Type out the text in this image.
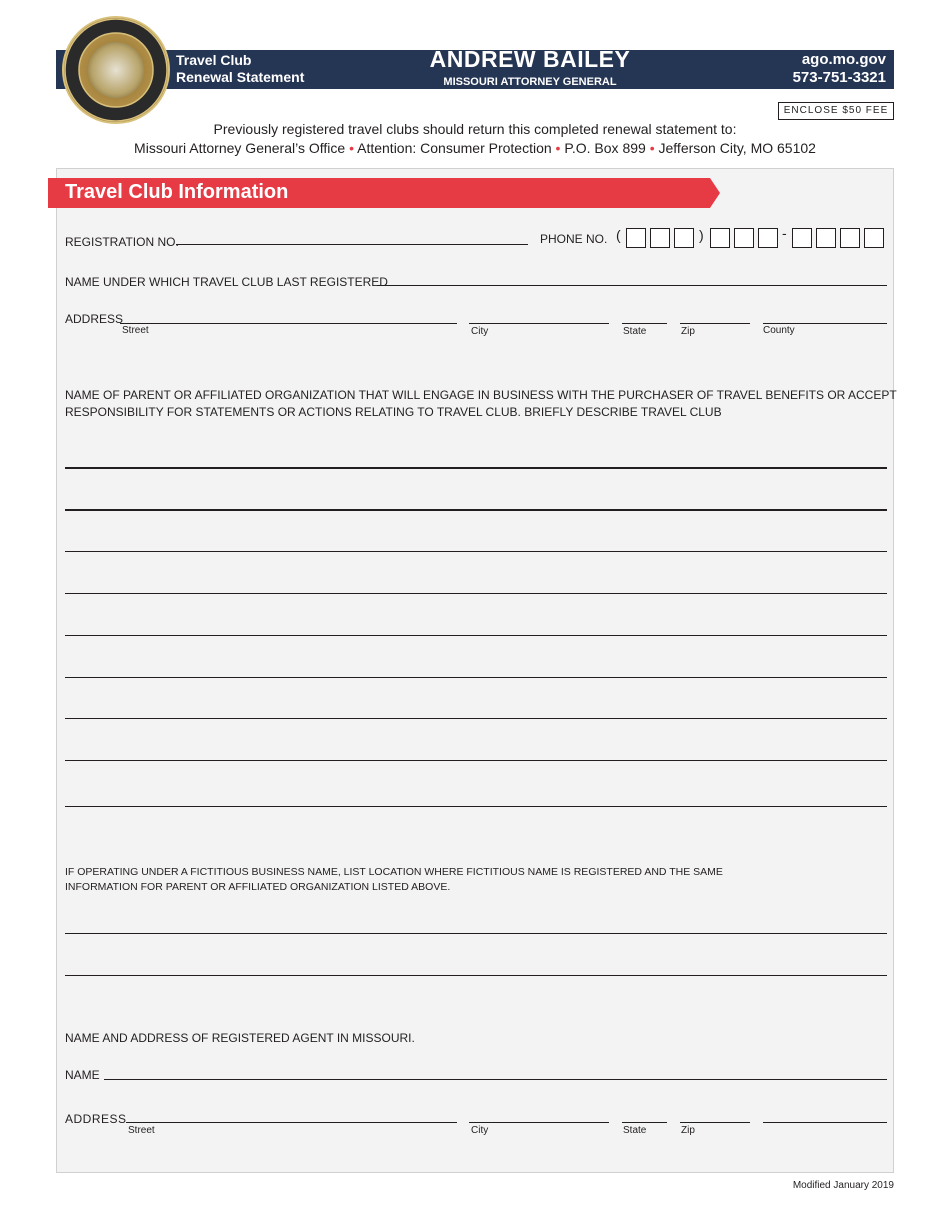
Travel Club
Renewal Statement
ANDREW BAILEY
MISSOURI ATTORNEY GENERAL
ago.mo.gov
573-751-3321
ENCLOSE $50 FEE
Previously registered travel clubs should return this completed renewal statement to:
Missouri Attorney General’s Office • Attention: Consumer Protection • P.O. Box 899 • Jefferson City, MO 65102
Travel Club Information
REGISTRATION NO.	PHONE NO. (	)	-
NAME UNDER WHICH TRAVEL CLUB LAST REGISTERED
ADDRESS
Street	City	State	Zip	County
NAME OF PARENT OR AFFILIATED ORGANIZATION THAT WILL ENGAGE IN BUSINESS WITH THE PURCHASER OF TRAVEL BENEFITS OR ACCEPT
RESPONSIBILITY FOR STATEMENTS OR ACTIONS RELATING TO TRAVEL CLUB. BRIEFLY DESCRIBE TRAVEL CLUB
IF OPERATING UNDER A FICTITIOUS BUSINESS NAME, LIST LOCATION WHERE FICTITIOUS NAME IS REGISTERED AND THE SAME
INFORMATION FOR PARENT OR AFFILIATED ORGANIZATION LISTED ABOVE.
NAME AND ADDRESS OF REGISTERED AGENT IN MISSOURI.
NAME
ADDRESS
Street	City	State	Zip
Modified January 2019
